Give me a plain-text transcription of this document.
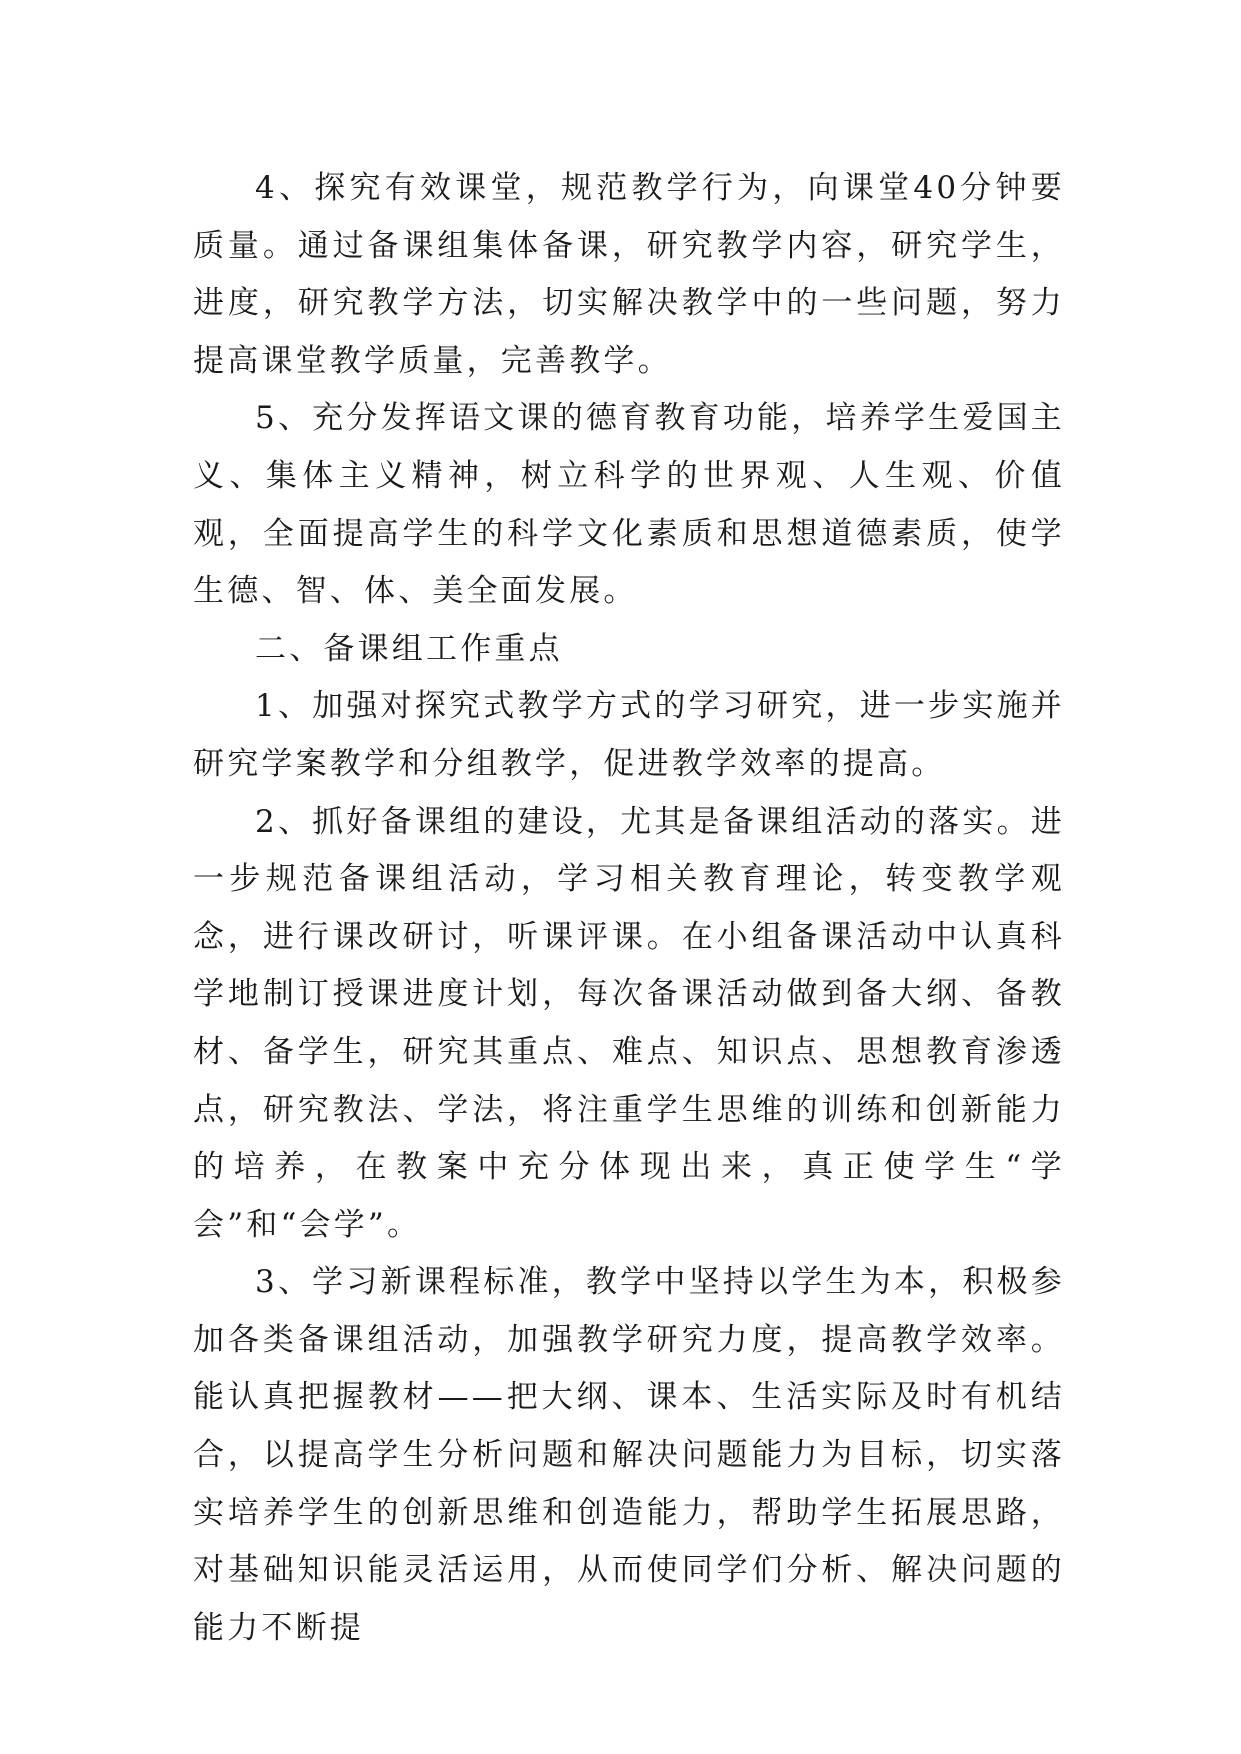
4、探究有效课堂，规范教学行为，向课堂40分钟要质量。通过备课组集体备课，研究教学内容，研究学生，进度，研究教学方法，切实解决教学中的一些问题，努力提高课堂教学质量，完善教学。

5、充分发挥语文课的德育教育功能，培养学生爱国主义、集体主义精神，树立科学的世界观、人生观、价值观，全面提高学生的科学文化素质和思想道德素质，使学生德、智、体、美全面发展。

二、备课组工作重点

1、加强对探究式教学方式的学习研究，进一步实施并研究学案教学和分组教学，促进教学效率的提高。

2、抓好备课组的建设，尤其是备课组活动的落实。进一步规范备课组活动，学习相关教育理论，转变教学观念，进行课改研讨，听课评课。在小组备课活动中认真科学地制订授课进度计划，每次备课活动做到备大纲、备教材、备学生，研究其重点、难点、知识点、思想教育渗透点，研究教法、学法，将注重学生思维的训练和创新能力的培养，在教案中充分体现出来，真正使学生“学会”和“会学”。

3、学习新课程标准，教学中坚持以学生为本，积极参加各类备课组活动，加强教学研究力度，提高教学效率。能认真把握教材——把大纲、课本、生活实际及时有机结合，以提高学生分析问题和解决问题能力为目标，切实落实培养学生的创新思维和创造能力，帮助学生拓展思路，对基础知识能灵活运用，从而使同学们分析、解决问题的能力不断提
